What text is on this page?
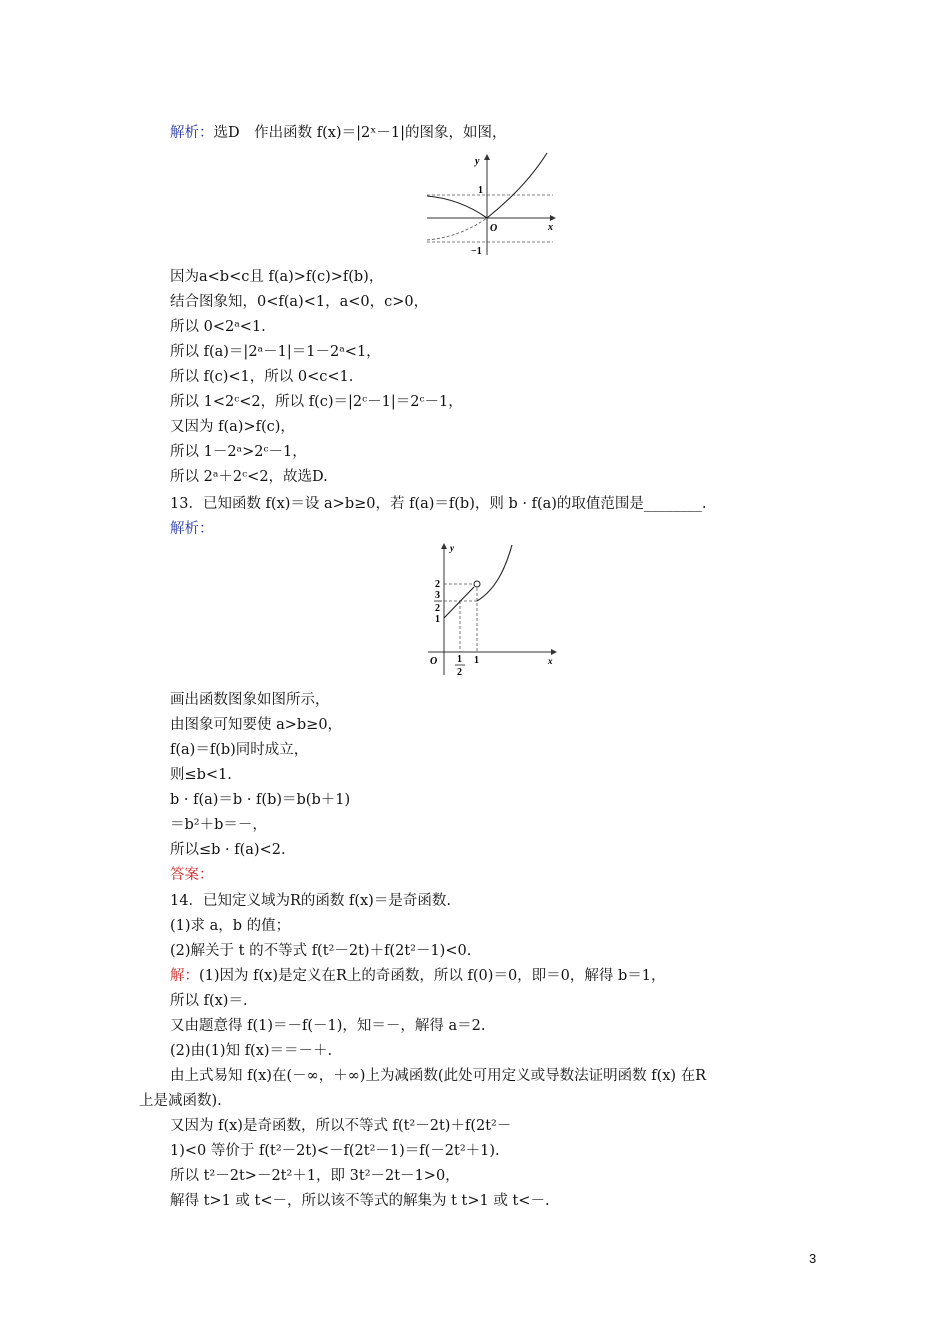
解析：选D　作出函数 f(x)＝|2ˣ－1|的图象，如图，
y
x
O
1
−1
因为a<b<c且 f(a)>f(c)>f(b)，
结合图象知，0<f(a)<1，a<0，c>0，
所以 0<2ᵃ<1.
所以 f(a)＝|2ᵃ－1|＝1－2ᵃ<1，
所以 f(c)<1，所以 0<c<1.
所以 1<2ᶜ<2，所以 f(c)＝|2ᶜ－1|＝2ᶜ－1，
又因为 f(a)>f(c)，
所以 1－2ᵃ>2ᶜ－1，
所以 2ᵃ＋2ᶜ<2，故选D.
13．已知函数 f(x)＝设 a>b≥0，若 f(a)＝f(b)，则 b · f(a)的取值范围是________.
解析：
y
x
O
2
3
2
1
1
2
1
画出函数图象如图所示，
由图象可知要使 a>b≥0，
f(a)＝f(b)同时成立，
则≤b<1.
b · f(a)＝b · f(b)＝b(b＋1)
＝b²＋b＝－，
所以≤b · f(a)<2.
答案：
14．已知定义域为R的函数 f(x)＝是奇函数.
(1)求 a，b 的值；
(2)解关于 t 的不等式 f(t²－2t)＋f(2t²－1)<0.
解：(1)因为 f(x)是定义在R上的奇函数，所以 f(0)＝0，即＝0，解得 b＝1，
所以 f(x)＝.
又由题意得 f(1)＝－f(－1)，知＝－，解得 a＝2.
(2)由(1)知 f(x)＝＝－＋.
由上式易知 f(x)在(－∞，＋∞)上为减函数(此处可用定义或导数法证明函数 f(x) 在R
上是减函数).
又因为 f(x)是奇函数，所以不等式 f(t²－2t)＋f(2t²－
1)<0 等价于 f(t²－2t)<－f(2t²－1)＝f(－2t²＋1).
所以 t²－2t>－2t²＋1，即 3t²－2t－1>0，
解得 t>1 或 t<－，所以该不等式的解集为 t t>1 或 t<－.
3
